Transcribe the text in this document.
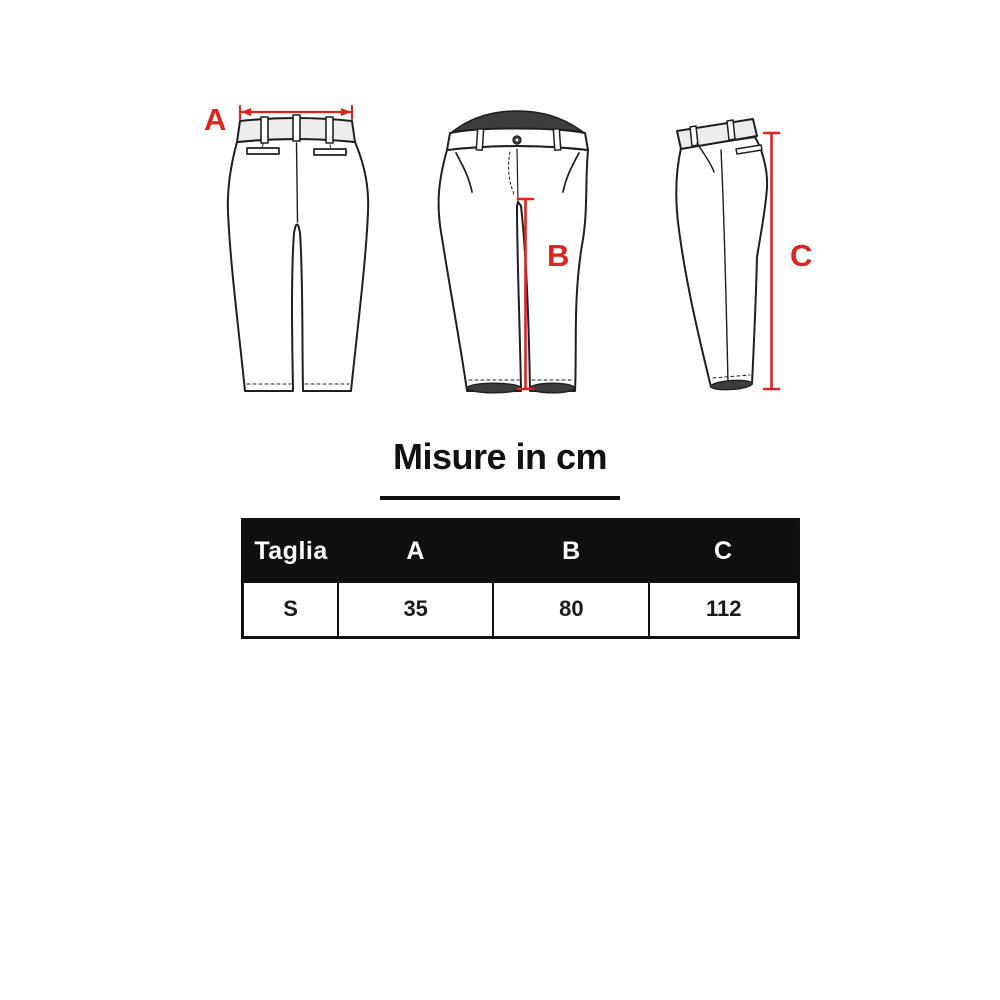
A
B	C
Misure in cm
Taglia	A	B	C
S	35	80	112
